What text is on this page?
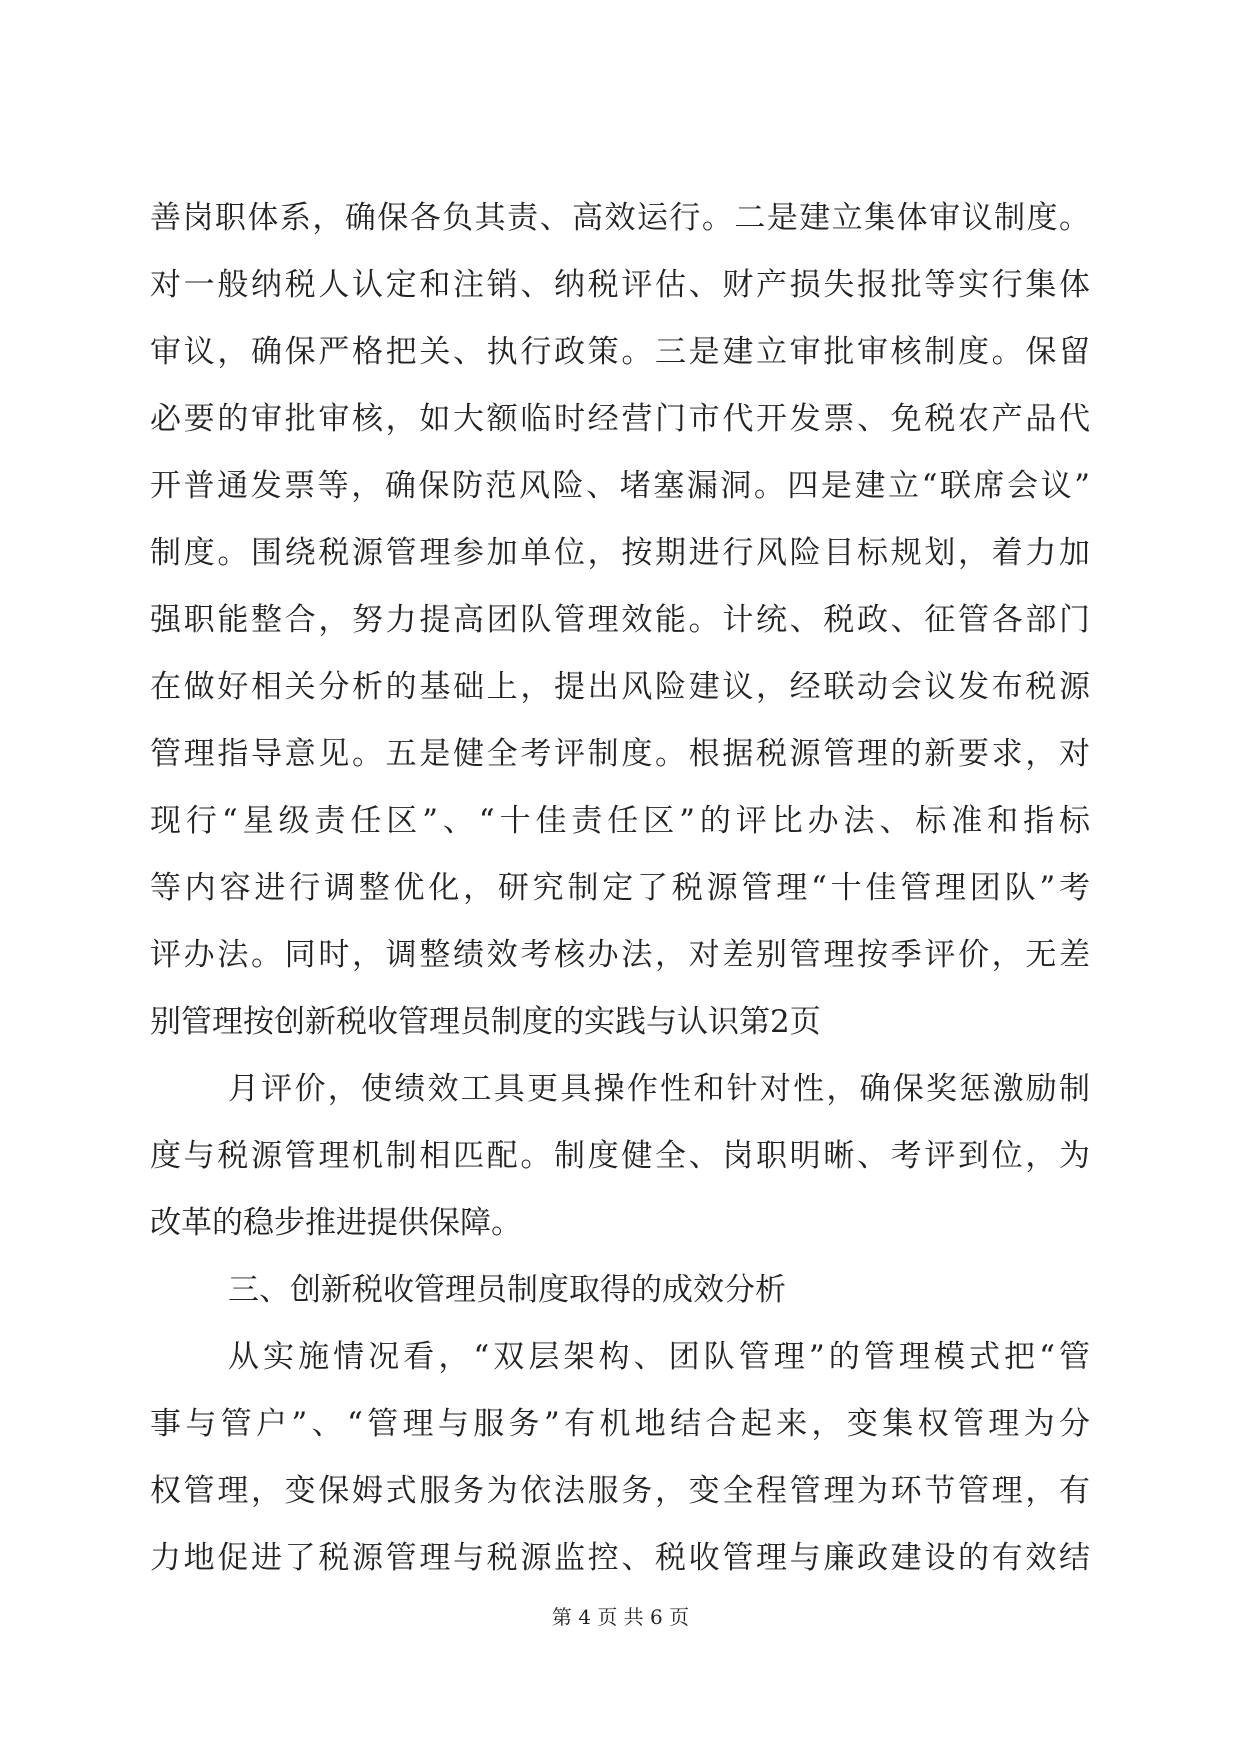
善岗职体系，确保各负其责、高效运行。二是建立集体审议制度。
对一般纳税人认定和注销、纳税评估、财产损失报批等实行集体
审议，确保严格把关、执行政策。三是建立审批审核制度。保留
必要的审批审核，如大额临时经营门市代开发票、免税农产品代
开普通发票等，确保防范风险、堵塞漏洞。四是建立“联席会议”
制度。围绕税源管理参加单位，按期进行风险目标规划，着力加
强职能整合，努力提高团队管理效能。计统、税政、征管各部门
在做好相关分析的基础上，提出风险建议，经联动会议发布税源
管理指导意见。五是健全考评制度。根据税源管理的新要求，对
现行“星级责任区”、“十佳责任区”的评比办法、标准和指标
等内容进行调整优化，研究制定了税源管理“十佳管理团队”考
评办法。同时，调整绩效考核办法，对差别管理按季评价，无差
别管理按创新税收管理员制度的实践与认识第2页
月评价，使绩效工具更具操作性和针对性，确保奖惩激励制
度与税源管理机制相匹配。制度健全、岗职明晰、考评到位，为
改革的稳步推进提供保障。
三、创新税收管理员制度取得的成效分析
从实施情况看，“双层架构、团队管理”的管理模式把“管
事与管户”、“管理与服务”有机地结合起来，变集权管理为分
权管理，变保姆式服务为依法服务，变全程管理为环节管理，有
力地促进了税源管理与税源监控、税收管理与廉政建设的有效结
第 4 页 共 6 页
